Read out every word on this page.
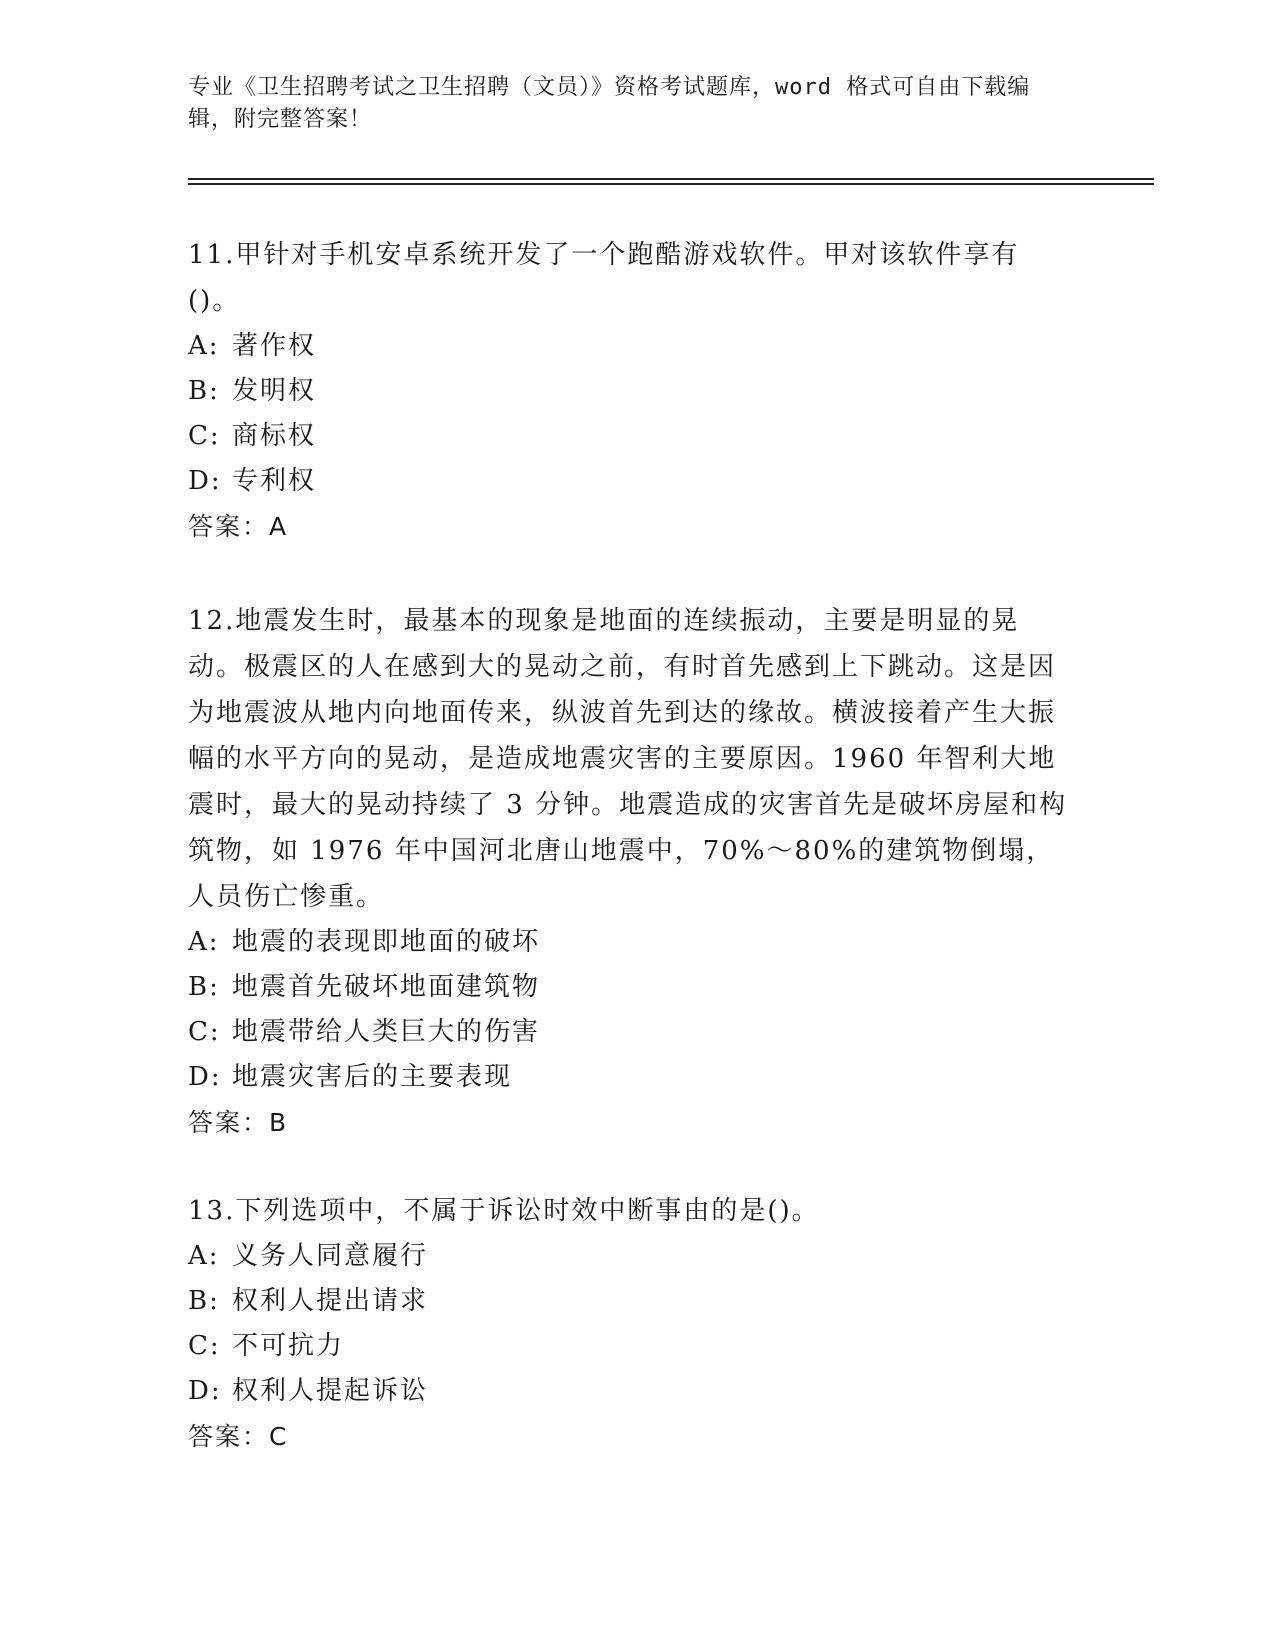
专业《卫生招聘考试之卫生招聘（文员）》资格考试题库，word 格式可自由下载编辑，附完整答案！

11.甲针对手机安卓系统开发了一个跑酷游戏软件。甲对该软件享有()。

A: 著作权

B: 发明权

C: 商标权

D: 专利权

答案：A

12.地震发生时，最基本的现象是地面的连续振动，主要是明显的晃动。极震区的人在感到大的晃动之前，有时首先感到上下跳动。这是因为地震波从地内向地面传来，纵波首先到达的缘故。横波接着产生大振幅的水平方向的晃动，是造成地震灾害的主要原因。1960 年智利大地震时，最大的晃动持续了 3 分钟。地震造成的灾害首先是破坏房屋和构筑物，如 1976 年中国河北唐山地震中，70%～80%的建筑物倒塌，人员伤亡惨重。

A: 地震的表现即地面的破坏

B: 地震首先破坏地面建筑物

C: 地震带给人类巨大的伤害

D: 地震灾害后的主要表现

答案：B

13.下列选项中，不属于诉讼时效中断事由的是()。

A: 义务人同意履行

B: 权利人提出请求

C: 不可抗力

D: 权利人提起诉讼

答案：C
